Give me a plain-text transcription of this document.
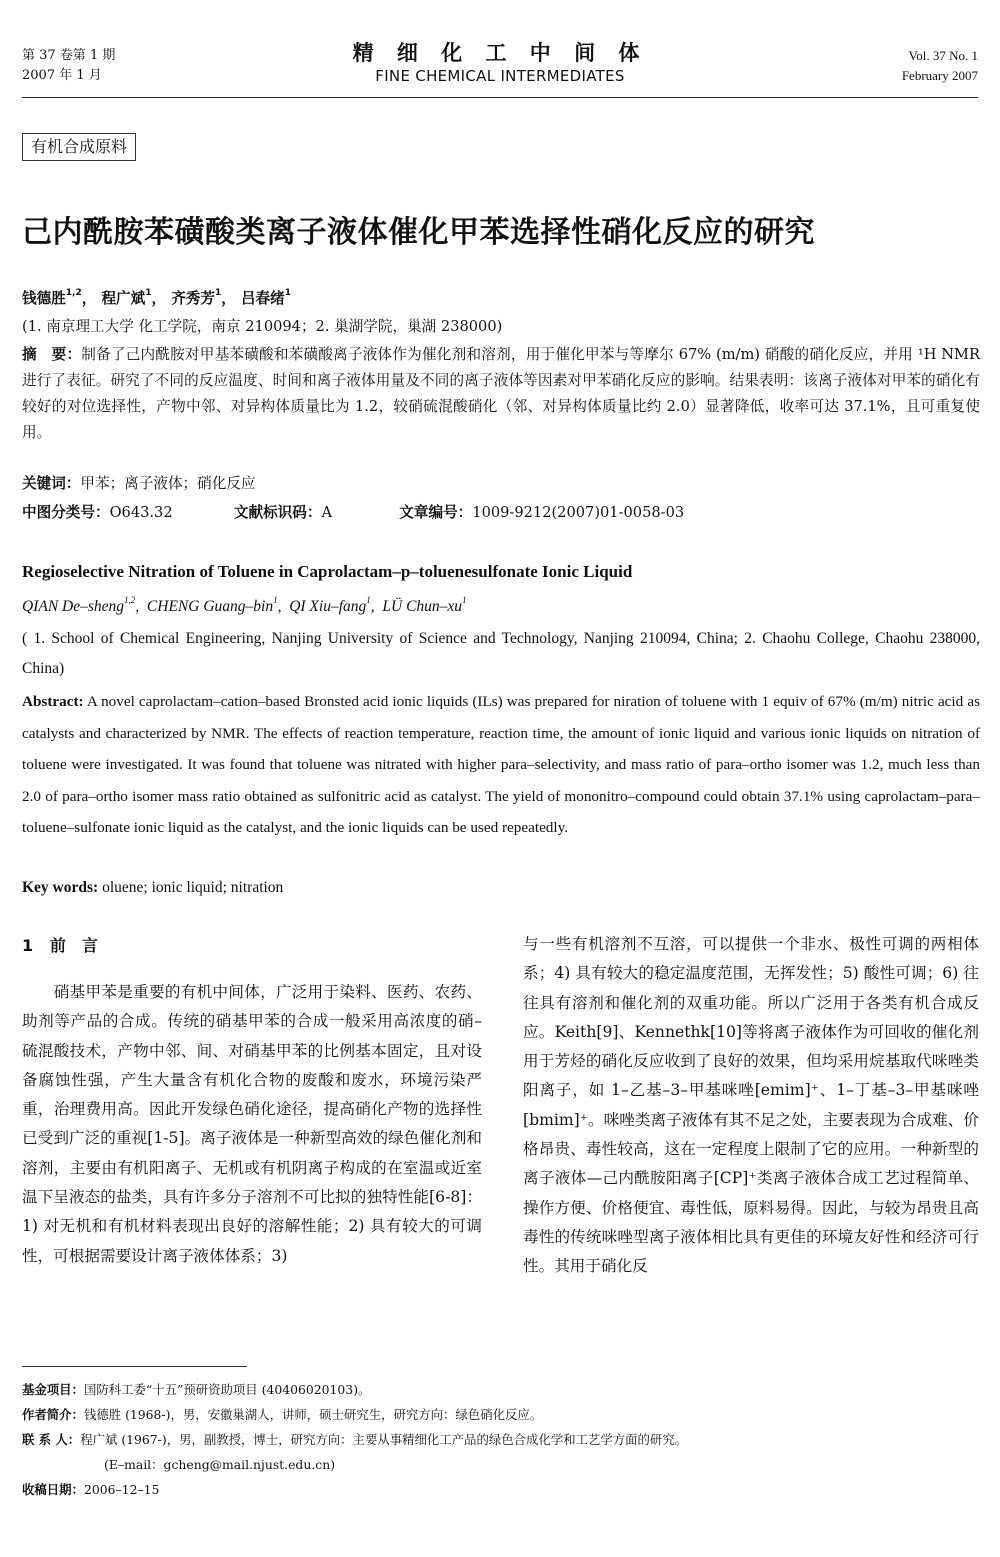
第 37 卷第 1 期
2007 年 1 月
精 细 化 工 中 间 体
FINE CHEMICAL INTERMEDIATES
Vol. 37 No. 1
February 2007
有机合成原料
己内酰胺苯磺酸类离子液体催化甲苯选择性硝化反应的研究
钱德胜$^{1,2}$， 程广斌$^1$， 齐秀芳$^1$， 吕春绪$^1$
(1. 南京理工大学 化工学院，南京 210094；2. 巢湖学院，巢湖 238000)
摘　要：制备了己内酰胺对甲基苯磺酸和苯磺酸离子液体作为催化剂和溶剂，用于催化甲苯与等摩尔 67% (m/m) 硝酸的硝化反应，并用 ¹H NMR 进行了表征。研究了不同的反应温度、时间和离子液体用量及不同的离子液体等因素对甲苯硝化反应的影响。结果表明：该离子液体对甲苯的硝化有较好的对位选择性，产物中邻、对异构体质量比为 1.2，较硝硫混酸硝化（邻、对异构体质量比约 2.0）显著降低，收率可达 37.1%，且可重复使用。
关键词：甲苯；离子液体；硝化反应
中图分类号：O643.32	文献标识码：A	文章编号：1009-9212(2007)01-0058-03
Regioselective Nitration of Toluene in Caprolactam–p–toluenesulfonate Ionic Liquid
QIAN De–sheng$^{1,2}$,  CHENG Guang–bin$^1$,  QI Xiu–fang$^1$,  LÜ Chun–$xu^1$
( 1. School of Chemical Engineering, Nanjing University of Science and Technology, Nanjing 210094, China; 2. Chaohu College, Chaohu 238000, China)
Abstract: A novel caprolactam–cation–based Bronsted acid ionic liquids (ILs) was prepared for niration of toluene with 1 equiv of 67% (m/m) nitric acid as catalysts and characterized by NMR. The effects of reaction temperature, reaction time, the amount of ionic liquid and various ionic liquids on nitration of toluene were investigated. It was found that toluene was nitrated with higher para–selectivity, and mass ratio of para–ortho isomer was 1.2, much less than 2.0 of para–ortho isomer mass ratio obtained as sulfonitric acid as catalyst. The yield of mononitro–compound could obtain 37.1% using caprolactam–para–toluene–sulfonate ionic liquid as the catalyst, and the ionic liquids can be used repeatedly.
Key words: oluene; ionic liquid; nitration
1 前　言
　　硝基甲苯是重要的有机中间体，广泛用于染料、医药、农药、助剂等产品的合成。传统的硝基甲苯的合成一般采用高浓度的硝–硫混酸技术，产物中邻、间、对硝基甲苯的比例基本固定，且对设备腐蚀性强，产生大量含有机化合物的废酸和废水，环境污染严重，治理费用高。因此开发绿色硝化途径，提高硝化产物的选择性已受到广泛的重视[1-5]。离子液体是一种新型高效的绿色催化剂和溶剂，主要由有机阳离子、无机或有机阴离子构成的在室温或近室温下呈液态的盐类，具有许多分子溶剂不可比拟的独特性能[6-8]：1) 对无机和有机材料表现出良好的溶解性能；2) 具有较大的可调性，可根据需要设计离子液体体系；3)
与一些有机溶剂不互溶，可以提供一个非水、极性可调的两相体系；4) 具有较大的稳定温度范围，无挥发性；5) 酸性可调；6) 往往具有溶剂和催化剂的双重功能。所以广泛用于各类有机合成反应。Keith[9]、Kennethk[10]等将离子液体作为可回收的催化剂用于芳烃的硝化反应收到了良好的效果，但均采用烷基取代咪唑类阳离子，如 1–乙基–3–甲基咪唑[emim]⁺、1–丁基–3–甲基咪唑[bmim]⁺。咪唑类离子液体有其不足之处，主要表现为合成难、价格昂贵、毒性较高，这在一定程度上限制了它的应用。一种新型的离子液体—己内酰胺阳离子[CP]⁺类离子液体合成工艺过程简单、操作方便、价格便宜、毒性低，原料易得。因此，与较为昂贵且高毒性的传统咪唑型离子液体相比具有更佳的环境友好性和经济可行性。其用于硝化反
基金项目：国防科工委“十五”预研资助项目 (40406020103)。
作者简介：钱德胜 (1968-)，男，安徽巢湖人，讲师，硕士研究生，研究方向：绿色硝化反应。
联 系 人：程广斌 (1967-)，男，副教授，博士，研究方向：主要从事精细化工产品的绿色合成化学和工艺学方面的研究。
(E–mail：gcheng@mail.njust.edu.cn)
收稿日期：2006–12–15
